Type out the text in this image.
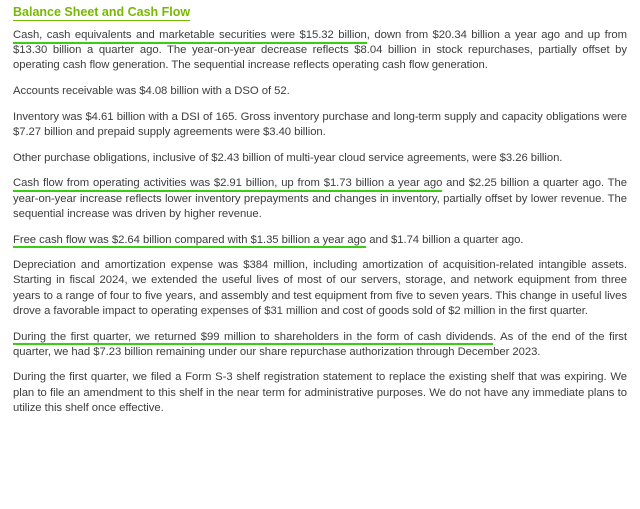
Balance Sheet and Cash Flow

Cash, cash equivalents and marketable securities were $15.32 billion, down from $20.34 billion a year ago and up from $13.30 billion a quarter ago. The year-on-year decrease reflects $8.04 billion in stock repurchases, partially offset by operating cash flow generation. The sequential increase reflects operating cash flow generation.

Accounts receivable was $4.08 billion with a DSO of 52.

Inventory was $4.61 billion with a DSI of 165. Gross inventory purchase and long-term supply and capacity obligations were $7.27 billion and prepaid supply agreements were $3.40 billion.

Other purchase obligations, inclusive of $2.43 billion of multi-year cloud service agreements, were $3.26 billion.

Cash flow from operating activities was $2.91 billion, up from $1.73 billion a year ago and $2.25 billion a quarter ago. The year-on-year increase reflects lower inventory prepayments and changes in inventory, partially offset by lower revenue. The sequential increase was driven by higher revenue.

Free cash flow was $2.64 billion compared with $1.35 billion a year ago and $1.74 billion a quarter ago.

Depreciation and amortization expense was $384 million, including amortization of acquisition-related intangible assets. Starting in fiscal 2024, we extended the useful lives of most of our servers, storage, and network equipment from three years to a range of four to five years, and assembly and test equipment from five to seven years. This change in useful lives drove a favorable impact to operating expenses of $31 million and cost of goods sold of $2 million in the first quarter.

During the first quarter, we returned $99 million to shareholders in the form of cash dividends. As of the end of the first quarter, we had $7.23 billion remaining under our share repurchase authorization through December 2023.

During the first quarter, we filed a Form S-3 shelf registration statement to replace the existing shelf that was expiring. We plan to file an amendment to this shelf in the near term for administrative purposes. We do not have any immediate plans to utilize this shelf once effective.
